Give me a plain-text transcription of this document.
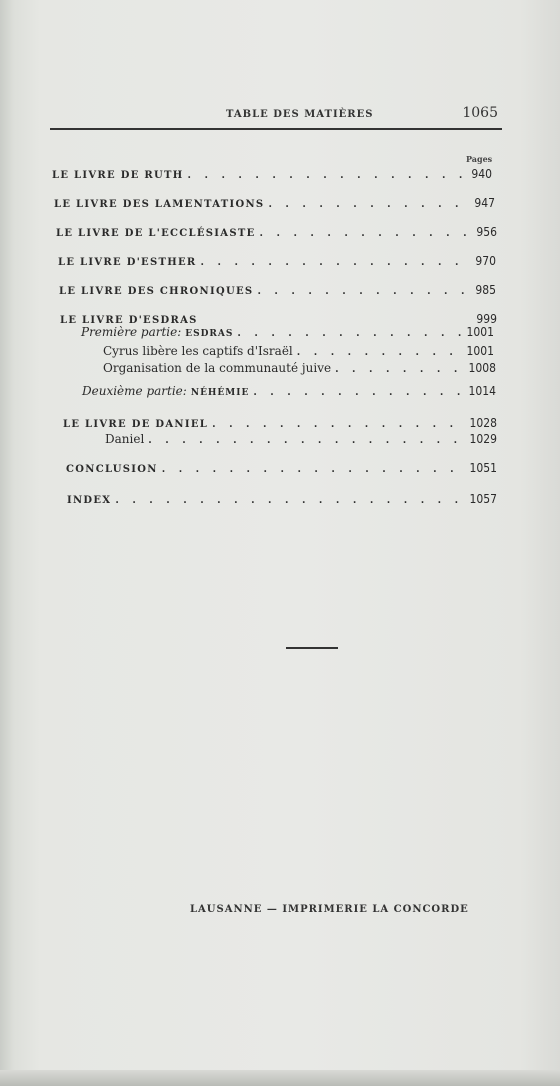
TABLE DES MATIÈRES	1065
Pages
LE LIVRE DE RUTH . . .	940
LE LIVRE DES LAMENTATIONS . . .	947
LE LIVRE DE L'ECCLÉSIASTE . . .	956
LE LIVRE D'ESTHER . . .	970
LE LIVRE DES CHRONIQUES . . .	985
LE LIVRE D'ESDRAS	999
Première partie: ESDRAS . . .	1001
Cyrus libère les captifs d'Israël . . .	1001
Organisation de la communauté juive . . .	1008
Deuxième partie: NÉHÉMIE . . .	1014
LE LIVRE DE DANIEL . . .	1028
Daniel . . .	1029
CONCLUSION . . .	1051
INDEX . . .	1057
LAUSANNE — IMPRIMERIE LA CONCORDE
